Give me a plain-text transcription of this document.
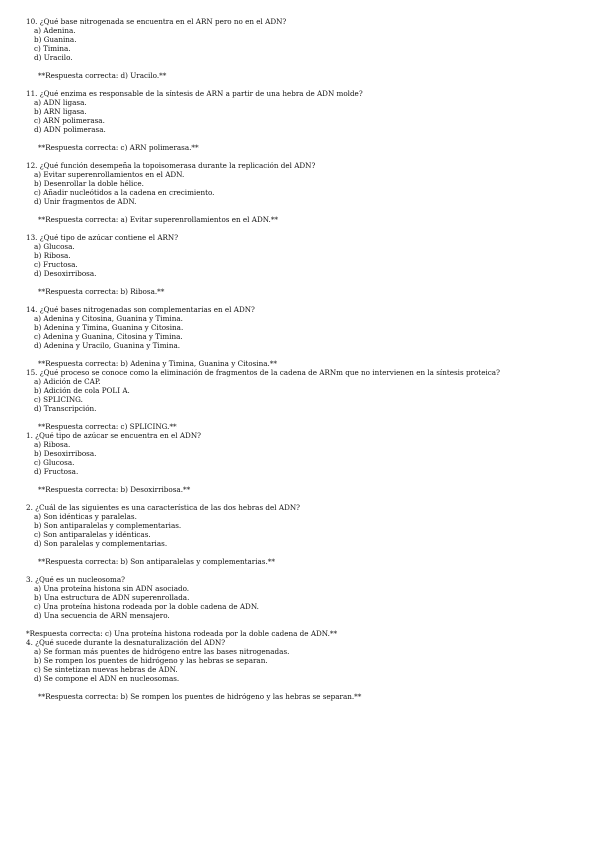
10. ¿Qué base nitrogenada se encuentra en el ARN pero no en el ADN?
a) Adenina.
b) Guanina.
c) Timina.
d) Uracilo.
**Respuesta correcta: d) Uracilo.**
11. ¿Qué enzima es responsable de la síntesis de ARN a partir de una hebra de ADN molde?
a) ADN ligasa.
b) ARN ligasa.
c) ARN polimerasa.
d) ADN polimerasa.
**Respuesta correcta: c) ARN polimerasa.**
12. ¿Qué función desempeña la topoisomerasa durante la replicación del ADN?
a) Evitar superenrollamientos en el ADN.
b) Desenrollar la doble hélice.
c) Añadir nucleótidos a la cadena en crecimiento.
d) Unir fragmentos de ADN.
**Respuesta correcta: a) Evitar superenrollamientos en el ADN.**
13. ¿Qué tipo de azúcar contiene el ARN?
a) Glucosa.
b) Ribosa.
c) Fructosa.
d) Desoxirribosa.
**Respuesta correcta: b) Ribosa.**
14. ¿Qué bases nitrogenadas son complementarias en el ADN?
a) Adenina y Citosina, Guanina y Timina.
b) Adenina y Timina, Guanina y Citosina.
c) Adenina y Guanina, Citosina y Timina.
d) Adenina y Uracilo, Guanina y Timina.
**Respuesta correcta: b) Adenina y Timina, Guanina y Citosina.**
15. ¿Qué proceso se conoce como la eliminación de fragmentos de la cadena de ARNm que no intervienen en la síntesis proteica?
a) Adición de CAP.
b) Adición de cola POLI A.
c) SPLICING.
d) Transcripción.
**Respuesta correcta: c) SPLICING.**
1. ¿Qué tipo de azúcar se encuentra en el ADN?
a) Ribosa.
b) Desoxirribosa.
c) Glucosa.
d) Fructosa.
**Respuesta correcta: b) Desoxirribosa.**
2. ¿Cuál de las siguientes es una característica de las dos hebras del ADN?
a) Son idénticas y paralelas.
b) Son antiparalelas y complementarias.
c) Son antiparalelas y idénticas.
d) Son paralelas y complementarias.
**Respuesta correcta: b) Son antiparalelas y complementarias.**
3. ¿Qué es un nucleosoma?
a) Una proteína histona sin ADN asociado.
b) Una estructura de ADN superenrollada.
c) Una proteína histona rodeada por la doble cadena de ADN.
d) Una secuencia de ARN mensajero.
*Respuesta correcta: c) Una proteína histona rodeada por la doble cadena de ADN.**
4. ¿Qué sucede durante la desnaturalización del ADN?
a) Se forman más puentes de hidrógeno entre las bases nitrogenadas.
b) Se rompen los puentes de hidrógeno y las hebras se separan.
c) Se sintetizan nuevas hebras de ADN.
d) Se compone el ADN en nucleosomas.
**Respuesta correcta: b) Se rompen los puentes de hidrógeno y las hebras se separan.**
